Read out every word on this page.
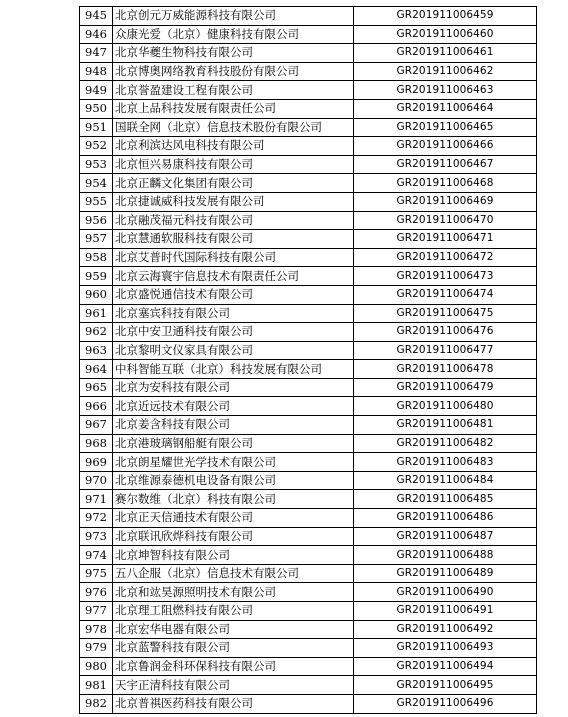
945	北京创元万威能源科技有限公司	GR201911006459
946	众康光爱（北京）健康科技有限公司	GR201911006460
947	北京华夔生物科技有限公司	GR201911006461
948	北京博奥网络教育科技股份有限公司	GR201911006462
949	北京誉盈建设工程有限公司	GR201911006463
950	北京上品科技发展有限责任公司	GR201911006464
951	国联全网（北京）信息技术股份有限公司	GR201911006465
952	北京利滨达风电科技有限公司	GR201911006466
953	北京恒兴易康科技有限公司	GR201911006467
954	北京正麟文化集团有限公司	GR201911006468
955	北京捷诚威科技发展有限公司	GR201911006469
956	北京融茂福元科技有限公司	GR201911006470
957	北京慧通软服科技有限公司	GR201911006471
958	北京艾普时代国际科技有限公司	GR201911006472
959	北京云海寰宇信息技术有限责任公司	GR201911006473
960	北京盛悦通信技术有限公司	GR201911006474
961	北京塞宾科技有限公司	GR201911006475
962	北京中安卫通科技有限公司	GR201911006476
963	北京黎明文仪家具有限公司	GR201911006477
964	中科智能互联（北京）科技发展有限公司	GR201911006478
965	北京为安科技有限公司	GR201911006479
966	北京近远技术有限公司	GR201911006480
967	北京姜含科技有限公司	GR201911006481
968	北京港玻璃钢船艇有限公司	GR201911006482
969	北京朗星耀世光学技术有限公司	GR201911006483
970	北京维源泰德机电设备有限公司	GR201911006484
971	赛尔数维（北京）科技有限公司	GR201911006485
972	北京正天信通技术有限公司	GR201911006486
973	北京联讯欣烨科技有限公司	GR201911006487
974	北京坤智科技有限公司	GR201911006488
975	五八企服（北京）信息技术有限公司	GR201911006489
976	北京和竑昊源照明技术有限公司	GR201911006490
977	北京理工阻燃科技有限公司	GR201911006491
978	北京宏华电器有限公司	GR201911006492
979	北京蓝警科技有限公司	GR201911006493
980	北京鲁润金科环保科技有限公司	GR201911006494
981	天宇正清科技有限公司	GR201911006495
982	北京普祺医药科技有限公司	GR201911006496
